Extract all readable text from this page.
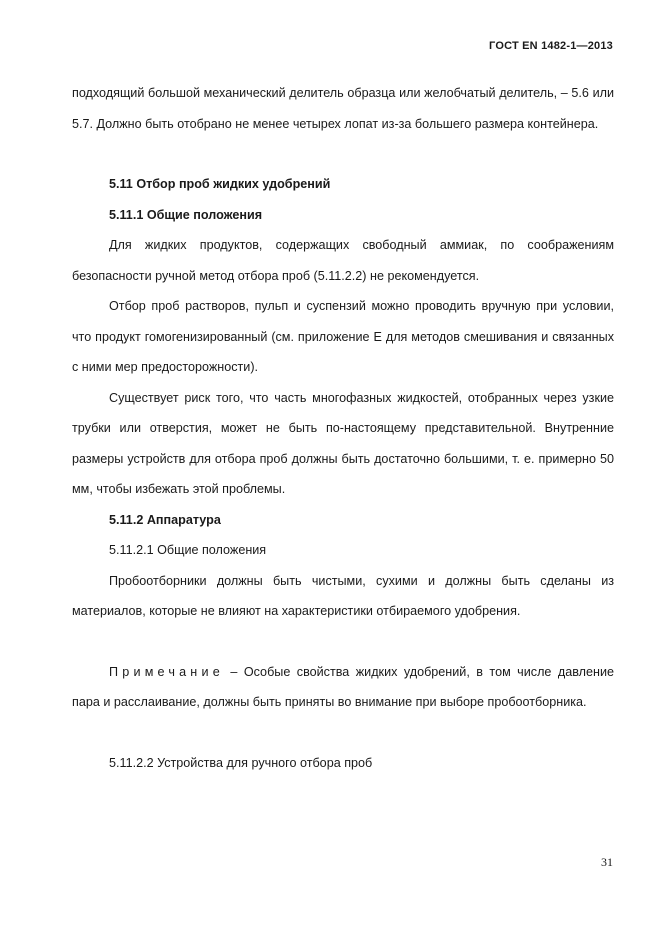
ГОСТ EN 1482-1—2013

подходящий большой механический делитель образца или желобчатый делитель, – 5.6 или 5.7. Должно быть отобрано не менее четырех лопат из-за большего размера контейнера.

5.11 Отбор проб жидких удобрений

5.11.1 Общие положения

Для жидких продуктов, содержащих свободный аммиак, по соображениям безопасности ручной метод отбора проб (5.11.2.2) не рекомендуется.

Отбор проб растворов, пульп и суспензий можно проводить вручную при условии, что продукт гомогенизированный (см. приложение Е для методов смешивания и связанных с ними мер предосторожности).

Существует риск того, что часть многофазных жидкостей, отобранных через узкие трубки или отверстия, может не быть по-настоящему представительной. Внутренние размеры устройств для отбора проб должны быть достаточно большими, т. е. примерно 50 мм, чтобы избежать этой проблемы.

5.11.2 Аппаратура

5.11.2.1 Общие положения

Пробоотборники должны быть чистыми, сухими и должны быть сделаны из материалов, которые не влияют на характеристики отбираемого удобрения.

Примечание – Особые свойства жидких удобрений, в том числе давление пара и расслаивание, должны быть приняты во внимание при выборе пробоотборника.

5.11.2.2 Устройства для ручного отбора проб

31
